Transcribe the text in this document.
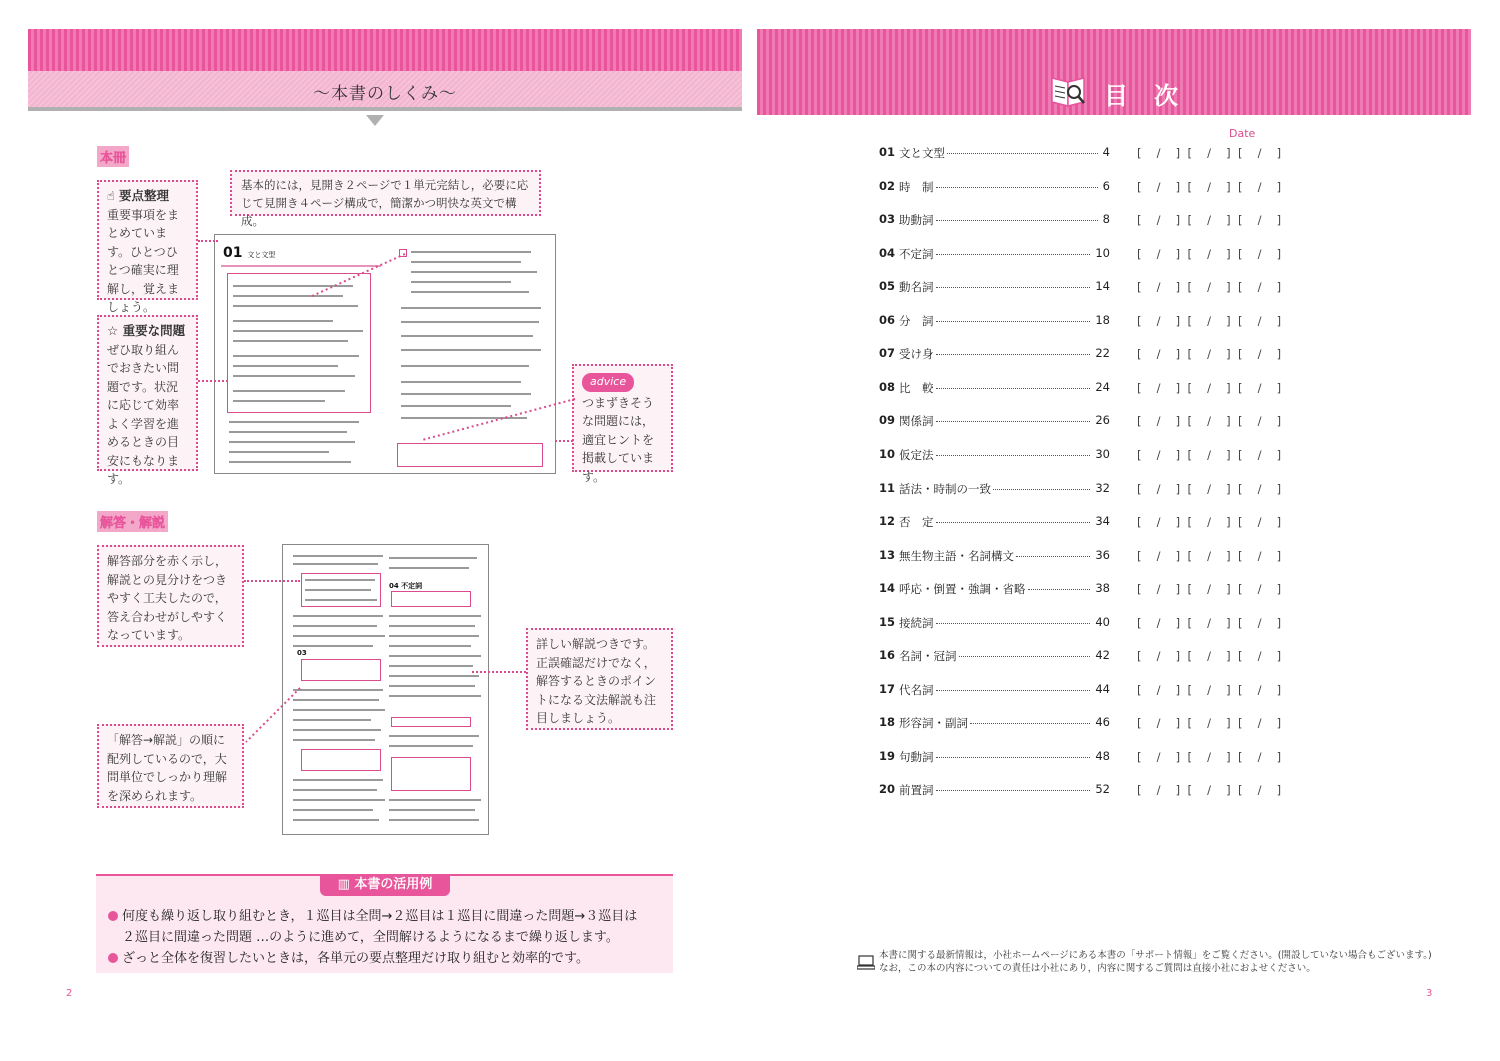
〜本書のしくみ〜
本冊
基本的には，見開き２ページで１単元完結し，必要に応じて見開き４ページ構成で，簡潔かつ明快な英文で構成。
☝ 要点整理
重要事項をまとめています。ひとつひとつ確実に理解し，覚えましょう。
☆ 重要な問題
ぜひ取り組んでおきたい問題です。状況に応じて効率よく学習を進めるときの目安にもなります。
advice
つまずきそうな問題には，適宜ヒントを掲載しています。
01 文と文型
解答・解説
解答部分を赤く示し，解説との見分けをつきやすく工夫したので，答え合わせがしやすくなっています。
「解答→解説」の順に配列しているので，大問単位でしっかり理解を深められます。
詳しい解説つきです。正誤確認だけでなく，解答するときのポイントになる文法解説も注目しましょう。
03
04 不定詞
▥ 本書の活用例
何度も繰り返し取り組むとき，１巡目は全問→２巡目は１巡目に間違った問題→３巡目は
２巡目に間違った問題 …のように進めて，全問解けるようになるまで繰り返します。
ざっと全体を復習したいときは，各単元の要点整理だけ取り組むと効率的です。
2
目次
Date
01 文と文型	4 [　 /　 ]  [　 /　 ]  [　 /　 ]
02 時　制	6 [　 /　 ]  [　 /　 ]  [　 /　 ]
03 助動詞	8 [　 /　 ]  [　 /　 ]  [　 /　 ]
04 不定詞	10 [　 /　 ]  [　 /　 ]  [　 /　 ]
05 動名詞	14 [　 /　 ]  [　 /　 ]  [　 /　 ]
06 分　詞	18 [　 /　 ]  [　 /　 ]  [　 /　 ]
07 受け身	22 [　 /　 ]  [　 /　 ]  [　 /　 ]
08 比　較	24 [　 /　 ]  [　 /　 ]  [　 /　 ]
09 関係詞	26 [　 /　 ]  [　 /　 ]  [　 /　 ]
10 仮定法	30 [　 /　 ]  [　 /　 ]  [　 /　 ]
11 話法・時制の一致	32 [　 /　 ]  [　 /　 ]  [　 /　 ]
12 否　定	34 [　 /　 ]  [　 /　 ]  [　 /　 ]
13 無生物主語・名詞構文	36 [　 /　 ]  [　 /　 ]  [　 /　 ]
14 呼応・倒置・強調・省略	38 [　 /　 ]  [　 /　 ]  [　 /　 ]
15 接続詞	40 [　 /　 ]  [　 /　 ]  [　 /　 ]
16 名詞・冠詞	42 [　 /　 ]  [　 /　 ]  [　 /　 ]
17 代名詞	44 [　 /　 ]  [　 /　 ]  [　 /　 ]
18 形容詞・副詞	46 [　 /　 ]  [　 /　 ]  [　 /　 ]
19 句動詞	48 [　 /　 ]  [　 /　 ]  [　 /　 ]
20 前置詞	52 [　 /　 ]  [　 /　 ]  [　 /　 ]
本書に関する最新情報は，小社ホームページにある本書の「サポート情報」をご覧ください。(開設していない場合もございます。)
なお，この本の内容についての責任は小社にあり，内容に関するご質問は直接小社におよせください。
3
